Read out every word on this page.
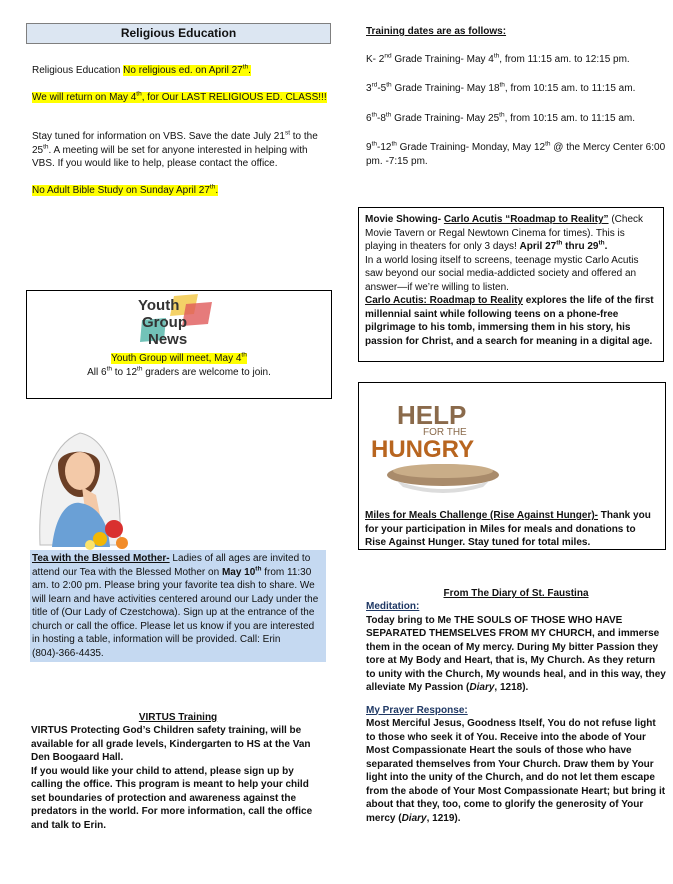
Religious Education

Religious Education No religious ed. on April 27th.

We will return on May 4th, for Our LAST RELIGIOUS ED. CLASS!!!

Stay tuned for information on VBS. Save the date July 21st to the 25th. A meeting will be set for anyone interested in helping with VBS. If you would like to help, please contact the office.

No Adult Bible Study on Sunday April 27th.

Youth
Group
News
Youth Group will meet, May 4th
All 6th to 12th graders are welcome to join.
Tea with the Blessed Mother- Ladies of all ages are invited to attend our Tea with the Blessed Mother on May 10th from 11:30 am. to 2:00 pm. Please bring your favorite tea dish to share. We will learn and have activities centered around our Lady under the title of (Our Lady of Czestchowa). Sign up at the entrance of the church or call the office. Please let us know if you are interested in hosting a table, information will be provided. Call: Erin (804)-366-4435.
VIRTUS Training

VIRTUS Protecting God’s Children safety training, will be available for all grade levels, Kindergarten to HS at the Van Den Boogaard Hall.

If you would like your child to attend, please sign up by calling the office. This program is meant to help your child set boundaries of protection and awareness against the predators in the world. For more information, call the office and talk to Erin.

Training dates are as follows:

K- 2nd Grade Training- May 4th, from 11:15 am. to 12:15 pm.

3rd-5th Grade Training- May 18th, from 10:15 am. to 11:15 am.

6th-8th Grade Training- May 25th, from 10:15 am. to 11:15 am.

9th-12th Grade Training- Monday, May 12th @ the Mercy Center 6:00 pm. -7:15 pm.

Movie Showing- Carlo Acutis “Roadmap to Reality” (Check Movie Tavern or Regal Newtown Cinema for times). This is playing in theaters for only 3 days! April 27th thru 29th.

In a world losing itself to screens, teenage mystic Carlo Acutis saw beyond our social media-addicted society and offered an answer—if we’re willing to listen.

Carlo Acutis: Roadmap to Reality explores the life of the first millennial saint while following teens on a phone-free pilgrimage to his tomb, immersing them in his story, his passion for Christ, and a search for meaning in a digital age.

HELP
FOR THE
HUNGRY
Miles for Meals Challenge (Rise Against Hunger)- Thank you for your participation in Miles for meals and donations to Rise Against Hunger. Stay tuned for total miles.
From The Diary of St. Faustina

Meditation:

Today bring to Me THE SOULS OF THOSE WHO HAVE SEPARATED THEMSELVES FROM MY CHURCH, and immerse them in the ocean of My mercy. During My bitter Passion they tore at My Body and Heart, that is, My Church. As they return to unity with the Church, My wounds heal, and in this way, they alleviate My Passion (Diary, 1218).

My Prayer Response:

Most Merciful Jesus, Goodness Itself, You do not refuse light to those who seek it of You. Receive into the abode of Your Most Compassionate Heart the souls of those who have separated themselves from Your Church. Draw them by Your light into the unity of the Church, and do not let them escape from the abode of Your Most Compassionate Heart; but bring it about that they, too, come to glorify the generosity of Your mercy (Diary, 1219).
